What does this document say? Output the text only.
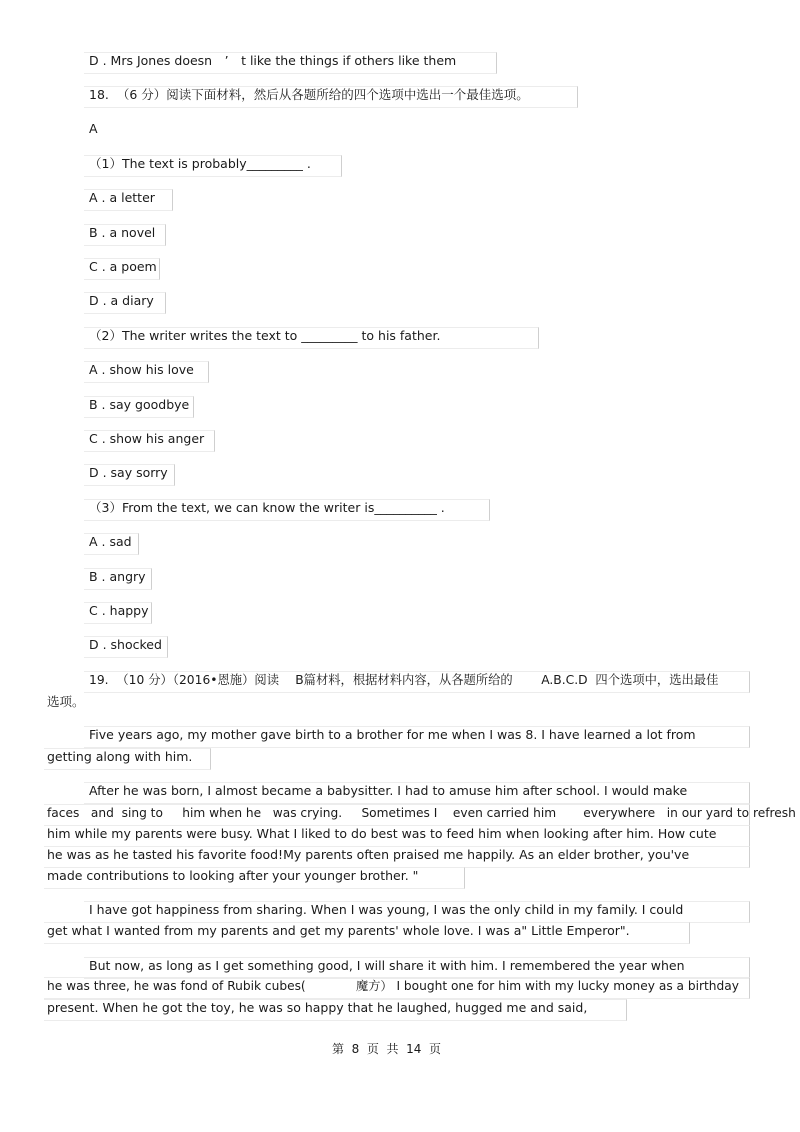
D . Mrs Jones doesn　’　t like the things if others like them
18.  （6 分）阅读下面材料，然后从各题所给的四个选项中选出一个最佳选项。
A
（1）The text is probably_________ .
A . a letter
B . a novel
C . a poem
D . a diary
（2）The writer writes the text to _________ to his father.
A . show his love
B . say goodbye
C . show his anger
D . say sorry
（3）From the text, we can know the writer is__________ .
A . sad
B . angry
C . happy
D . shocked
19.  （10 分）（2016•恩施）阅读　 B篇材料，根据材料内容，从各题所给的　　 A.B.C.D  四个选项中，选出最佳
选项。
Five years ago, my mother gave birth to a brother for me when I was 8. I have learned a lot from
getting along with him.
After he was born, I almost became a babysitter. I had to amuse him after school. I would make
faces   and  sing to     him when he   was crying.     Sometimes I    even carried him       everywhere   in our yard to refresh
him while my parents were busy. What I liked to do best was to feed him when looking after him. How cute
he was as he tasted his favorite food!My parents often praised me happily. As an elder brother, you've
made contributions to looking after your younger brother. "
I have got happiness from sharing. When I was young, I was the only child in my family. I could
get what I wanted from my parents and get my parents' whole love. I was a" Little Emperor".
But now, as long as I get something good, I will share it with him. I remembered the year when
he was three, he was fond of Rubik cubes(             魔方） I bought one for him with my lucky money as a birthday
present. When he got the toy, he was so happy that he laughed, hugged me and said,
第  8  页  共  14  页
